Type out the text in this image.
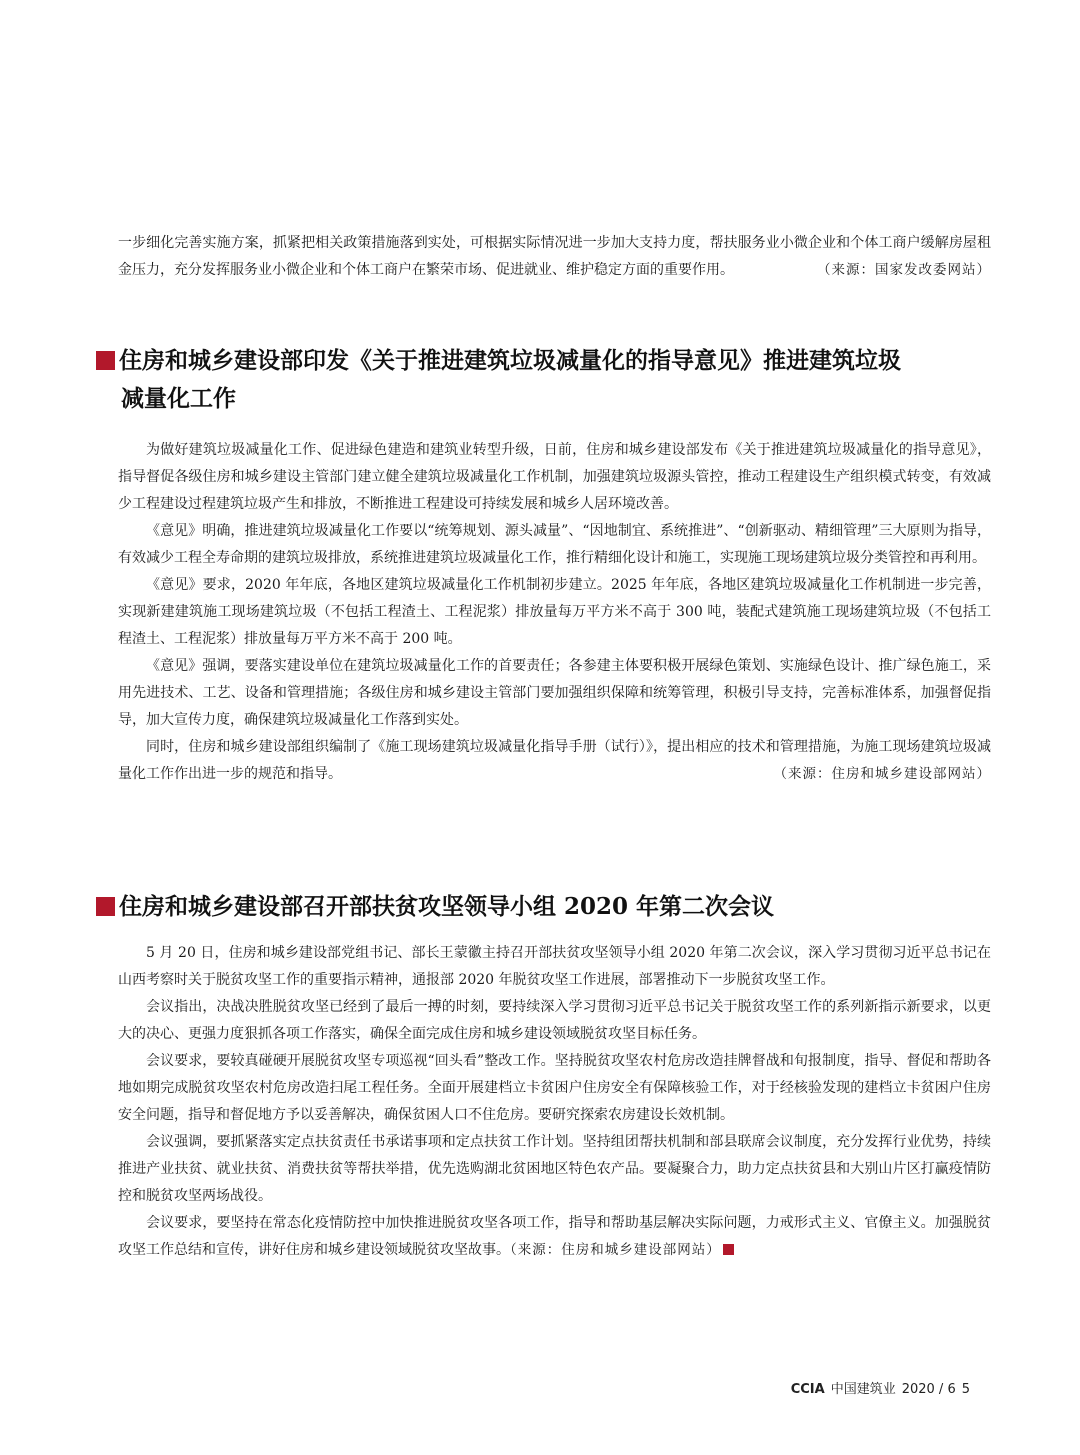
一步细化完善实施方案，抓紧把相关政策措施落到实处，可根据实际情况进一步加大支持力度，帮扶服务业小微企业和个体工商户缓解房屋租金压力，充分发挥服务业小微企业和个体工商户在繁荣市场、促进就业、维护稳定方面的重要作用。	（来源：国家发改委网站）

住房和城乡建设部印发《关于推进建筑垃圾减量化的指导意见》推进建筑垃圾
减量化工作

为做好建筑垃圾减量化工作、促进绿色建造和建筑业转型升级，日前，住房和城乡建设部发布《关于推进建筑垃圾减量化的指导意见》，指导督促各级住房和城乡建设主管部门建立健全建筑垃圾减量化工作机制，加强建筑垃圾源头管控，推动工程建设生产组织模式转变，有效减少工程建设过程建筑垃圾产生和排放，不断推进工程建设可持续发展和城乡人居环境改善。

《意见》明确，推进建筑垃圾减量化工作要以“统筹规划、源头减量”、“因地制宜、系统推进”、“创新驱动、精细管理”三大原则为指导，有效减少工程全寿命期的建筑垃圾排放，系统推进建筑垃圾减量化工作，推行精细化设计和施工，实现施工现场建筑垃圾分类管控和再利用。

《意见》要求，2020 年年底，各地区建筑垃圾减量化工作机制初步建立。2025 年年底，各地区建筑垃圾减量化工作机制进一步完善，实现新建建筑施工现场建筑垃圾（不包括工程渣土、工程泥浆）排放量每万平方米不高于 300 吨，装配式建筑施工现场建筑垃圾（不包括工程渣土、工程泥浆）排放量每万平方米不高于 200 吨。

《意见》强调，要落实建设单位在建筑垃圾减量化工作的首要责任；各参建主体要积极开展绿色策划、实施绿色设计、推广绿色施工，采用先进技术、工艺、设备和管理措施；各级住房和城乡建设主管部门要加强组织保障和统筹管理，积极引导支持，完善标准体系，加强督促指导，加大宣传力度，确保建筑垃圾减量化工作落到实处。

同时，住房和城乡建设部组织编制了《施工现场建筑垃圾减量化指导手册（试行）》，提出相应的技术和管理措施，为施工现场建筑垃圾减量化工作作出进一步的规范和指导。	（来源：住房和城乡建设部网站）

住房和城乡建设部召开部扶贫攻坚领导小组 2020 年第二次会议

5 月 20 日，住房和城乡建设部党组书记、部长王蒙徽主持召开部扶贫攻坚领导小组 2020 年第二次会议，深入学习贯彻习近平总书记在山西考察时关于脱贫攻坚工作的重要指示精神，通报部 2020 年脱贫攻坚工作进展，部署推动下一步脱贫攻坚工作。

会议指出，决战决胜脱贫攻坚已经到了最后一搏的时刻，要持续深入学习贯彻习近平总书记关于脱贫攻坚工作的系列新指示新要求，以更大的决心、更强力度狠抓各项工作落实，确保全面完成住房和城乡建设领域脱贫攻坚目标任务。

会议要求，要较真碰硬开展脱贫攻坚专项巡视“回头看”整改工作。坚持脱贫攻坚农村危房改造挂牌督战和旬报制度，指导、督促和帮助各地如期完成脱贫攻坚农村危房改造扫尾工程任务。全面开展建档立卡贫困户住房安全有保障核验工作，对于经核验发现的建档立卡贫困户住房安全问题，指导和督促地方予以妥善解决，确保贫困人口不住危房。要研究探索农房建设长效机制。

会议强调，要抓紧落实定点扶贫责任书承诺事项和定点扶贫工作计划。坚持组团帮扶机制和部县联席会议制度，充分发挥行业优势，持续推进产业扶贫、就业扶贫、消费扶贫等帮扶举措，优先选购湖北贫困地区特色农产品。要凝聚合力，助力定点扶贫县和大别山片区打赢疫情防控和脱贫攻坚两场战役。

会议要求，要坚持在常态化疫情防控中加快推进脱贫攻坚各项工作，指导和帮助基层解决实际问题，力戒形式主义、官僚主义。加强脱贫攻坚工作总结和宣传，讲好住房和城乡建设领域脱贫攻坚故事。（来源：住房和城乡建设部网站）

CCIA 中国建筑业 2020 / 6 5
